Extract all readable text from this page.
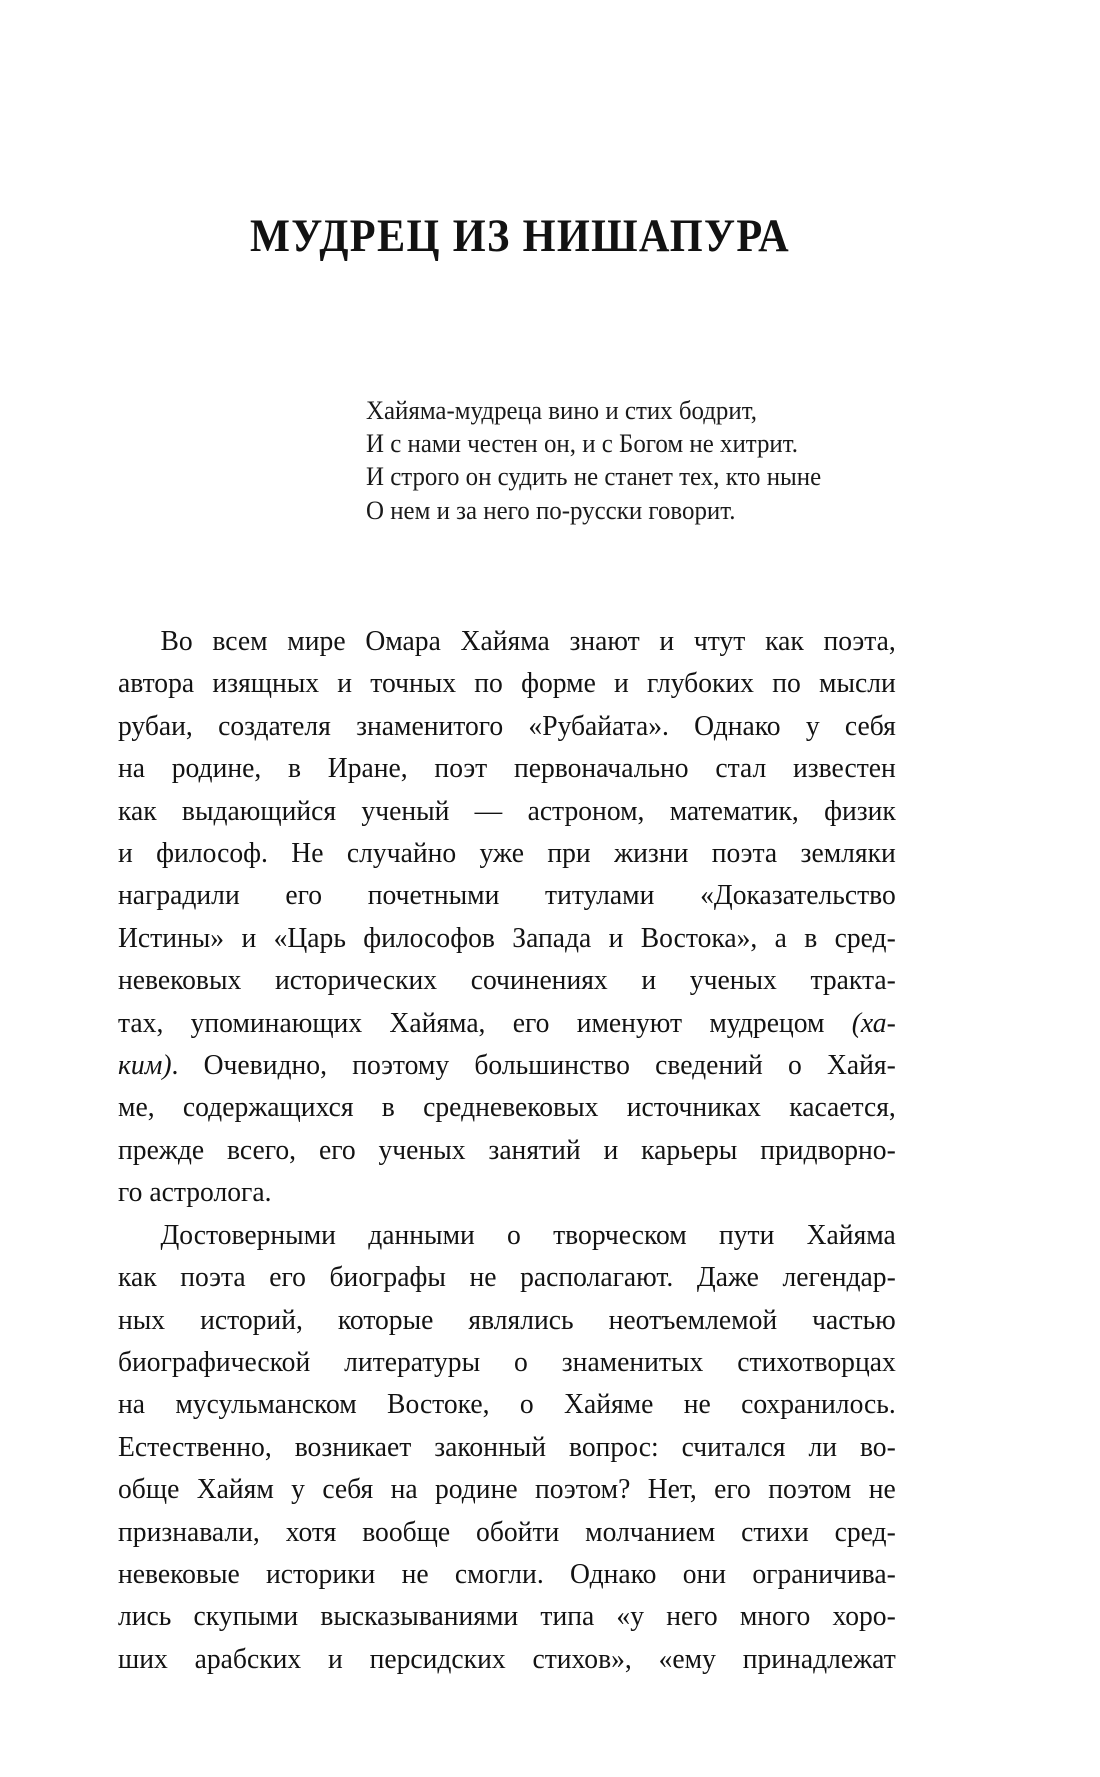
МУДРЕЦ ИЗ НИШАПУРА
Хайяма-мудреца вино и стих бодрит,
И с нами честен он, и с Богом не хитрит.
И строго он судить не станет тех, кто ныне
О нем и за него по-русски говорит.

Во всем мире Омара Хайяма знают и чтут как поэта,
автора изящных и точных по форме и глубоких по мысли
рубаи, создателя знаменитого «Рубайата». Однако у себя
на родине, в Иране, поэт первоначально стал известен
как выдающийся ученый — астроном, математик, физик
и философ. Не случайно уже при жизни поэта земляки
наградили его почетными титулами «Доказательство
Истины» и «Царь философов Запада и Востока», а в сред-
невековых исторических сочинениях и ученых тракта-
тах, упоминающих Хайяма, его именуют мудрецом (ха-
ким). Очевидно, поэтому большинство сведений о Хайя-
ме, содержащихся в средневековых источниках касается,
прежде всего, его ученых занятий и карьеры придворно-
го астролога.

Достоверными данными о творческом пути Хайяма
как поэта его биографы не располагают. Даже легендар-
ных историй, которые являлись неотъемлемой частью
биографической литературы о знаменитых стихотворцах
на мусульманском Востоке, о Хайяме не сохранилось.
Естественно, возникает законный вопрос: считался ли во-
обще Хайям у себя на родине поэтом? Нет, его поэтом не
признавали, хотя вообще обойти молчанием стихи сред-
невековые историки не смогли. Однако они ограничива-
лись скупыми высказываниями типа «у него много хоро-
ших арабских и персидских стихов», «ему принадлежат
